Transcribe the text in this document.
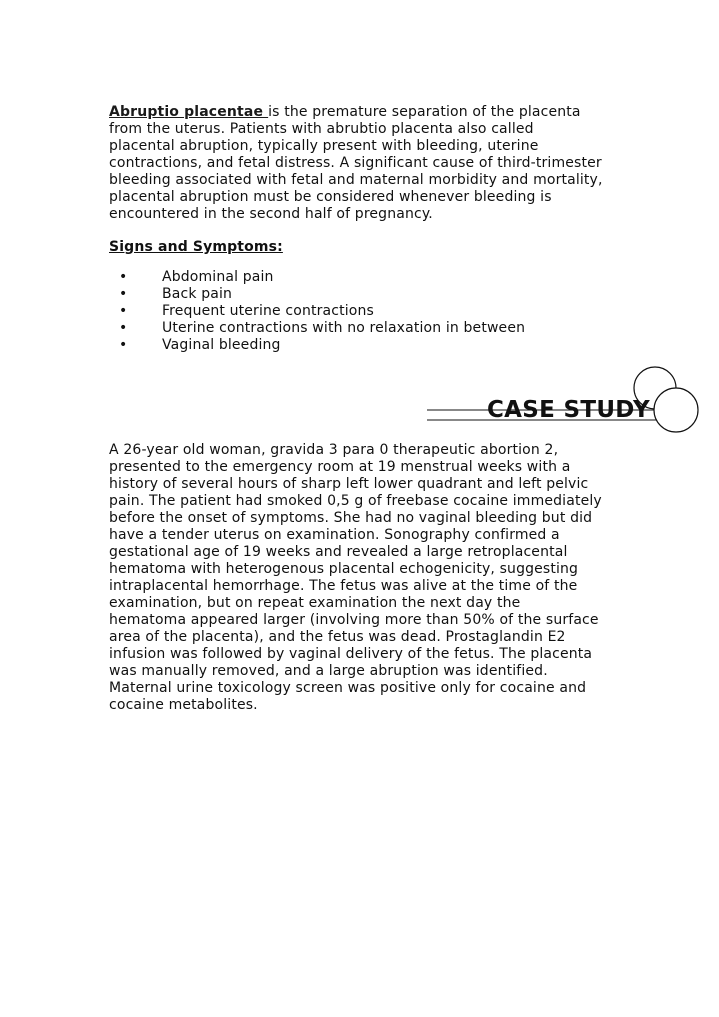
Abruptio placentae is the premature separation of the placenta
from the uterus. Patients with abrubtio placenta also called
placental abruption, typically present with bleeding, uterine
contractions, and fetal distress. A significant cause of third-trimester
bleeding associated with fetal and maternal morbidity and mortality,
placental abruption must be considered whenever bleeding is
encountered in the second half of pregnancy.

Signs and Symptoms:

• Abdominal pain
• Back pain
• Frequent uterine contractions
• Uterine contractions with no relaxation in between
• Vaginal bleeding
CASE STUDY

A 26-year old woman, gravida 3 para 0 therapeutic abortion 2,
presented to the emergency room at 19 menstrual weeks with a
history of several hours of sharp left lower quadrant and left pelvic
pain. The patient had smoked 0,5 g of freebase cocaine immediately
before the onset of symptoms. She had no vaginal bleeding but did
have a tender uterus on examination. Sonography confirmed a
gestational age of 19 weeks and revealed a large retroplacental
hematoma with heterogenous placental echogenicity, suggesting
intraplacental hemorrhage. The fetus was alive at the time of the
examination, but on repeat examination the next day the
hematoma appeared larger (involving more than 50% of the surface
area of the placenta), and the fetus was dead. Prostaglandin E2
infusion was followed by vaginal delivery of the fetus. The placenta
was manually removed, and a large abruption was identified.
Maternal urine toxicology screen was positive only for cocaine and
cocaine metabolites.
